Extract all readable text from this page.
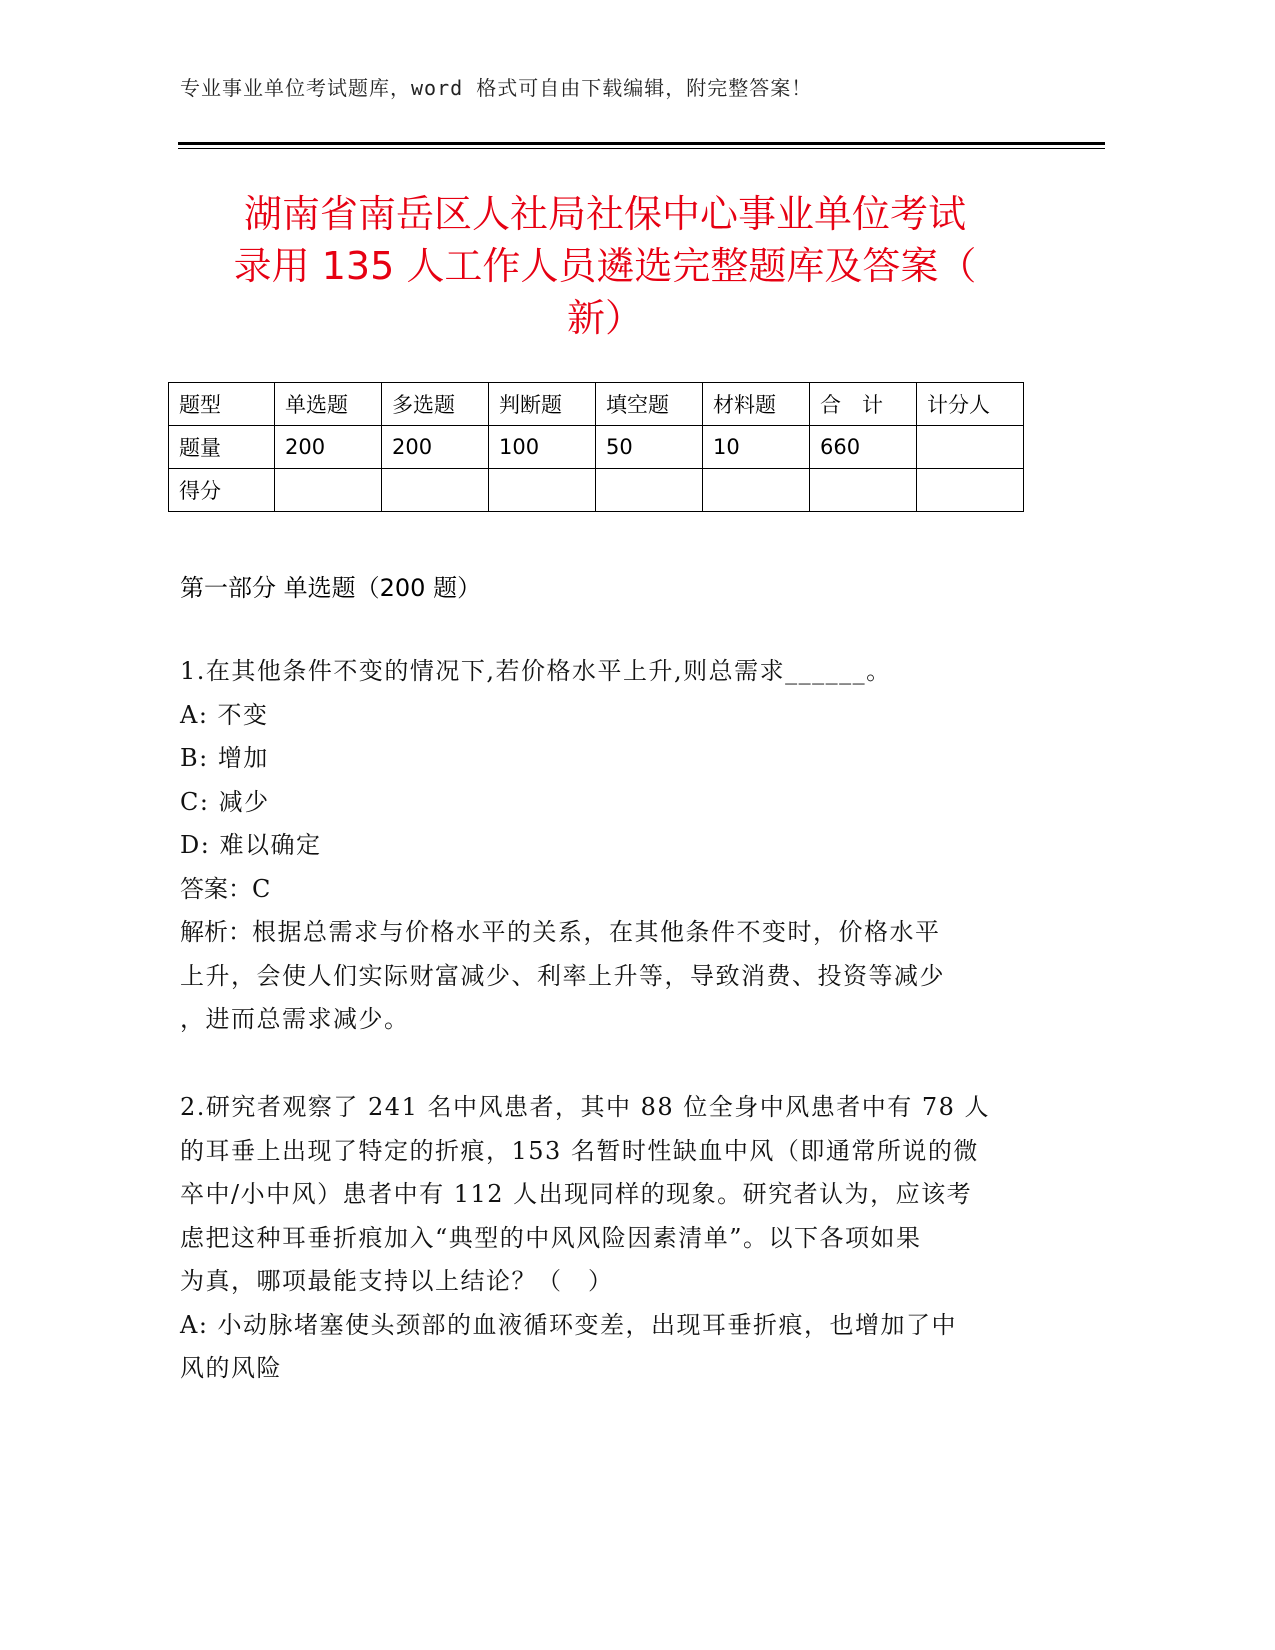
专业事业单位考试题库，word 格式可自由下载编辑，附完整答案！
湖南省南岳区人社局社保中心事业单位考试
录用 135 人工作人员遴选完整题库及答案（
新）
题型	单选题	多选题	判断题	填空题	材料题	合　计	计分人
题量	200	200	100	50	10	660	
得分							
第一部分 单选题（200 题）
1.在其他条件不变的情况下,若价格水平上升,则总需求______。
A: 不变
B: 增加
C: 减少
D: 难以确定
答案：C
解析：根据总需求与价格水平的关系，在其他条件不变时，价格水平
上升，会使人们实际财富减少、利率上升等，导致消费、投资等减少
，进而总需求减少。
2.研究者观察了 241 名中风患者，其中 88 位全身中风患者中有 78 人
的耳垂上出现了特定的折痕，153 名暂时性缺血中风（即通常所说的微
卒中/小中风）患者中有 112 人出现同样的现象。研究者认为，应该考
虑把这种耳垂折痕加入“典型的中风风险因素清单”。以下各项如果
为真，哪项最能支持以上结论？（　）
A: 小动脉堵塞使头颈部的血液循环变差，出现耳垂折痕，也增加了中
风的风险
